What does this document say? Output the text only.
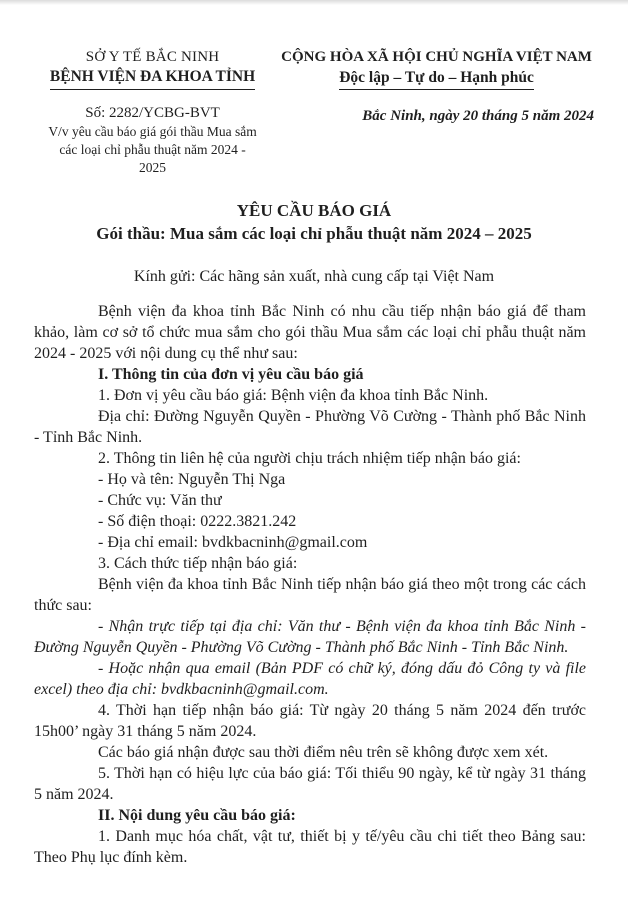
SỞ Y TẾ BẮC NINH
BỆNH VIỆN ĐA KHOA TỈNH
Số: 2282/YCBG-BVT
V/v yêu cầu báo giá gói thầu Mua sắm các loại chỉ phẫu thuật năm 2024 - 2025
CỘNG HÒA XÃ HỘI CHỦ NGHĨA VIỆT NAM
Độc lập – Tự do – Hạnh phúc
Bắc Ninh, ngày 20 tháng 5 năm 2024
YÊU CẦU BÁO GIÁ
Gói thầu: Mua sắm các loại chỉ phẫu thuật năm 2024 – 2025
Kính gửi: Các hãng sản xuất, nhà cung cấp tại Việt Nam

Bệnh viện đa khoa tỉnh Bắc Ninh có nhu cầu tiếp nhận báo giá để tham khảo, làm cơ sở tổ chức mua sắm cho gói thầu Mua sắm các loại chỉ phẫu thuật năm 2024 - 2025 với nội dung cụ thể như sau:

I. Thông tin của đơn vị yêu cầu báo giá

1. Đơn vị yêu cầu báo giá: Bệnh viện đa khoa tỉnh Bắc Ninh.

Địa chỉ: Đường Nguyễn Quyền - Phường Võ Cường - Thành phố Bắc Ninh - Tỉnh Bắc Ninh.

2. Thông tin liên hệ của người chịu trách nhiệm tiếp nhận báo giá:

- Họ và tên: Nguyễn Thị Nga

- Chức vụ: Văn thư

- Số điện thoại: 0222.3821.242

- Địa chỉ email: bvdkbacninh@gmail.com

3. Cách thức tiếp nhận báo giá:

Bệnh viện đa khoa tỉnh Bắc Ninh tiếp nhận báo giá theo một trong các cách thức sau:

- Nhận trực tiếp tại địa chỉ: Văn thư - Bệnh viện đa khoa tỉnh Bắc Ninh - Đường Nguyễn Quyền - Phường Võ Cường - Thành phố Bắc Ninh - Tỉnh Bắc Ninh.

- Hoặc nhận qua email (Bản PDF có chữ ký, đóng dấu đỏ Công ty và file excel) theo địa chỉ: bvdkbacninh@gmail.com.

4. Thời hạn tiếp nhận báo giá: Từ ngày 20 tháng 5 năm 2024 đến trước 15h00’ ngày 31 tháng 5 năm 2024.

Các báo giá nhận được sau thời điểm nêu trên sẽ không được xem xét.

5. Thời hạn có hiệu lực của báo giá: Tối thiểu 90 ngày, kể từ ngày 31 tháng 5 năm 2024.

II. Nội dung yêu cầu báo giá:

1. Danh mục hóa chất, vật tư, thiết bị y tế/yêu cầu chi tiết theo Bảng sau: Theo Phụ lục đính kèm.
